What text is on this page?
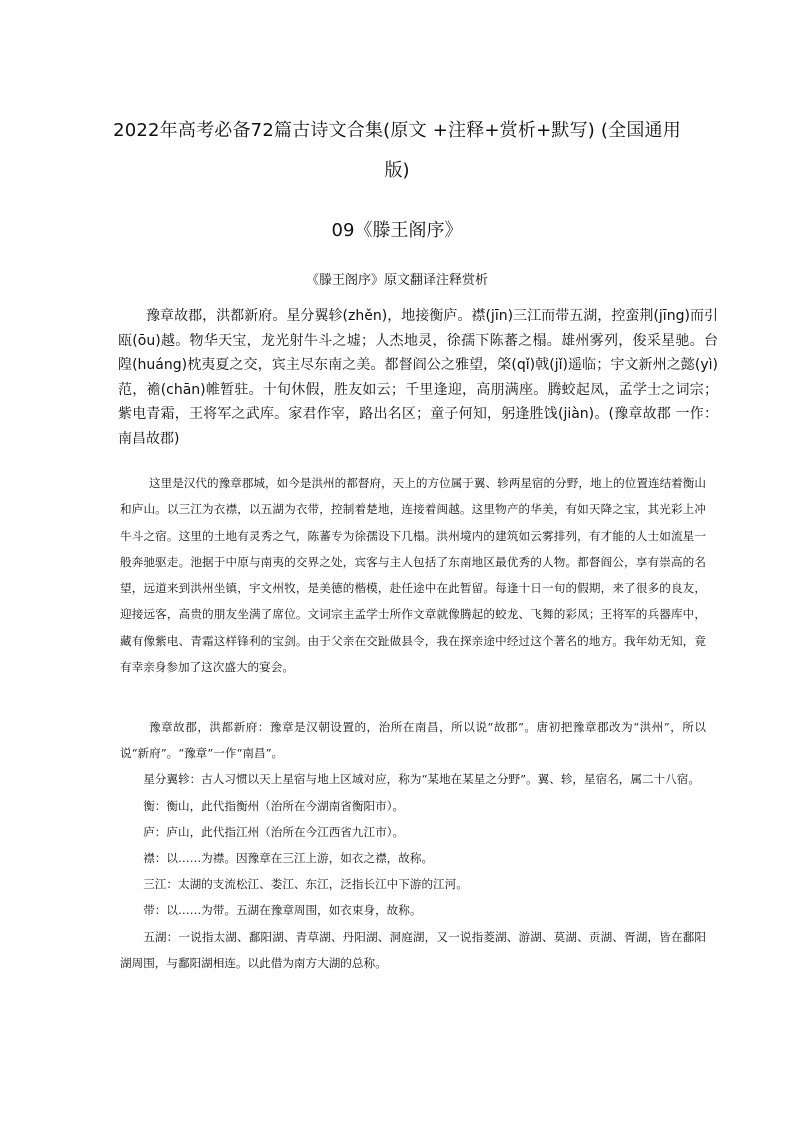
2022年高考必备72篇古诗文合集(原文 +注释+赏析+默写) (全国通用
版)
《滕王阁序》原文翻译注释赏析
豫章故郡，洪都新府。星分翼轸(zhěn)，地接衡庐。襟(jīn)三江而带五湖，控蛮荆(jīng)而引瓯(ōu)越。物华天宝，龙光射牛斗之墟；人杰地灵，徐孺下陈蕃之榻。雄州雾列，俊采星驰。台隍(huáng)枕夷夏之交，宾主尽东南之美。都督阎公之雅望，棨(qǐ)戟(jǐ)遥临；宇文新州之懿(yì)范，襜(chān)帷暂驻。十旬休假，胜友如云；千里逢迎，高朋满座。腾蛟起凤，孟学士之词宗；紫电青霜，王将军之武库。家君作宰，路出名区；童子何知，躬逢胜饯(jiàn)。(豫章故郡 一作：南昌故郡)

这里是汉代的豫章郡城，如今是洪州的都督府，天上的方位属于翼、轸两星宿的分野，地上的位置连结着衡山和庐山。以三江为衣襟，以五湖为衣带，控制着楚地，连接着闽越。这里物产的华美，有如天降之宝，其光彩上冲牛斗之宿。这里的土地有灵秀之气，陈蕃专为徐孺设下几榻。洪州境内的建筑如云雾排列，有才能的人士如流星一般奔驰驱走。池据于中原与南夷的交界之处，宾客与主人包括了东南地区最优秀的人物。都督阎公，享有崇高的名望，远道来到洪州坐镇，宇文州牧，是美德的楷模，赴任途中在此暂留。每逢十日一旬的假期，来了很多的良友，迎接远客，高贵的朋友坐满了席位。文词宗主孟学士所作文章就像腾起的蛟龙、飞舞的彩凤；王将军的兵器库中，藏有像紫电、青霜这样锋利的宝剑。由于父亲在交趾做县令，我在探亲途中经过这个著名的地方。我年幼无知，竟有幸亲身参加了这次盛大的宴会。

豫章故郡，洪都新府：豫章是汉朝设置的，治所在南昌，所以说“故郡”。唐初把豫章郡改为“洪州”，所以说“新府”。“豫章”一作“南昌”。

星分翼轸：古人习惯以天上星宿与地上区域对应，称为“某地在某星之分野”。翼、轸，星宿名，属二十八宿。

衡：衡山，此代指衡州（治所在今湖南省衡阳市）。

庐：庐山，此代指江州（治所在今江西省九江市）。

襟：以……为襟。因豫章在三江上游，如衣之襟，故称。

三江：太湖的支流松江、娄江、东江，泛指长江中下游的江河。

带：以……为带。五湖在豫章周围，如衣束身，故称。

五湖：一说指太湖、鄱阳湖、青草湖、丹阳湖、洞庭湖，又一说指菱湖、游湖、莫湖、贡湖、胥湖，皆在鄱阳湖周围，与鄱阳湖相连。以此借为南方大湖的总称。

09《滕王阁序》
